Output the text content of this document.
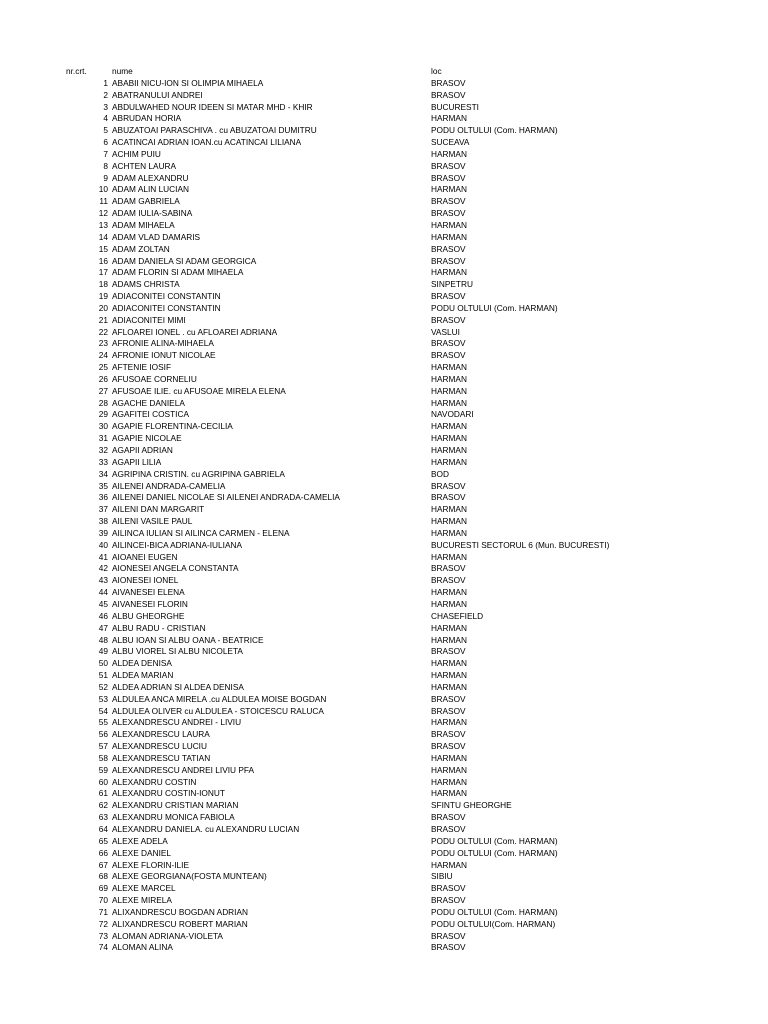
nr.crt.	nume	loc
1 ABABII NICU-ION SI OLIMPIA MIHAELA	BRASOV
2 ABATRANULUI ANDREI	BRASOV
3 ABDULWAHED NOUR IDEEN SI MATAR MHD - KHIR	BUCURESTI
4 ABRUDAN HORIA	HARMAN
5 ABUZATOAI PARASCHIVA . cu ABUZATOAI DUMITRU	PODU OLTULUI (Com. HARMAN)
6 ACATINCAI ADRIAN IOAN.cu ACATINCAI LILIANA	SUCEAVA
7 ACHIM PUIU	HARMAN
8 ACHTEN LAURA	BRASOV
9 ADAM ALEXANDRU	BRASOV
10 ADAM ALIN LUCIAN	HARMAN
11 ADAM GABRIELA	BRASOV
12 ADAM IULIA-SABINA	BRASOV
13 ADAM MIHAELA	HARMAN
14 ADAM VLAD DAMARIS	HARMAN
15 ADAM ZOLTAN	BRASOV
16 ADAM DANIELA SI ADAM GEORGICA	BRASOV
17 ADAM FLORIN SI ADAM MIHAELA	HARMAN
18 ADAMS CHRISTA	SINPETRU
19 ADIACONITEI CONSTANTIN	BRASOV
20 ADIACONITEI CONSTANTIN	PODU OLTULUI (Com. HARMAN)
21 ADIACONITEI MIMI	BRASOV
22 AFLOAREI IONEL . cu AFLOAREI ADRIANA	VASLUI
23 AFRONIE ALINA-MIHAELA	BRASOV
24 AFRONIE IONUT NICOLAE	BRASOV
25 AFTENIE IOSIF	HARMAN
26 AFUSOAE CORNELIU	HARMAN
27 AFUSOAE ILIE. cu AFUSOAE MIRELA ELENA	HARMAN
28 AGACHE DANIELA	HARMAN
29 AGAFITEI COSTICA	NAVODARI
30 AGAPIE FLORENTINA-CECILIA	HARMAN
31 AGAPIE NICOLAE	HARMAN
32 AGAPII ADRIAN	HARMAN
33 AGAPII LILIA	HARMAN
34 AGRIPINA CRISTIN. cu AGRIPINA GABRIELA	BOD
35 AILENEI ANDRADA-CAMELIA	BRASOV
36 AILENEI DANIEL NICOLAE SI AILENEI ANDRADA-CAMELIA	BRASOV
37 AILENI DAN MARGARIT	HARMAN
38 AILENI VASILE PAUL	HARMAN
39 AILINCA IULIAN SI AILINCA CARMEN - ELENA	HARMAN
40 AILINCEI-BICA ADRIANA-IULIANA	BUCURESTI SECTORUL 6 (Mun. BUCURESTI)
41 AIOANEI EUGEN	HARMAN
42 AIONESEI ANGELA CONSTANTA	BRASOV
43 AIONESEI IONEL	BRASOV
44 AIVANESEI ELENA	HARMAN
45 AIVANESEI FLORIN	HARMAN
46 ALBU GHEORGHE	CHASEFIELD
47 ALBU RADU - CRISTIAN	HARMAN
48 ALBU IOAN SI ALBU OANA - BEATRICE	HARMAN
49 ALBU VIOREL SI ALBU NICOLETA	BRASOV
50 ALDEA DENISA	HARMAN
51 ALDEA MARIAN	HARMAN
52 ALDEA ADRIAN SI ALDEA DENISA	HARMAN
53 ALDULEA ANCA MIRELA .cu ALDULEA MOISE BOGDAN	BRASOV
54 ALDULEA OLIVER cu ALDULEA - STOICESCU RALUCA	BRASOV
55 ALEXANDRESCU ANDREI - LIVIU	HARMAN
56 ALEXANDRESCU LAURA	BRASOV
57 ALEXANDRESCU LUCIU	BRASOV
58 ALEXANDRESCU TATIAN	HARMAN
59 ALEXANDRESCU ANDREI LIVIU PFA	HARMAN
60 ALEXANDRU COSTIN	HARMAN
61 ALEXANDRU COSTIN-IONUT	HARMAN
62 ALEXANDRU CRISTIAN MARIAN	SFINTU GHEORGHE
63 ALEXANDRU MONICA FABIOLA	BRASOV
64 ALEXANDRU DANIELA. cu ALEXANDRU LUCIAN	BRASOV
65 ALEXE ADELA	PODU OLTULUI (Com. HARMAN)
66 ALEXE DANIEL	PODU OLTULUI (Com. HARMAN)
67 ALEXE FLORIN-ILIE	HARMAN
68 ALEXE GEORGIANA(FOSTA MUNTEAN)	SIBIU
69 ALEXE MARCEL	BRASOV
70 ALEXE MIRELA	BRASOV
71 ALIXANDRESCU BOGDAN ADRIAN	PODU OLTULUI (Com. HARMAN)
72 ALIXANDRESCU ROBERT MARIAN	PODU OLTULUI(Com. HARMAN)
73 ALOMAN ADRIANA-VIOLETA	BRASOV
74 ALOMAN ALINA	BRASOV
